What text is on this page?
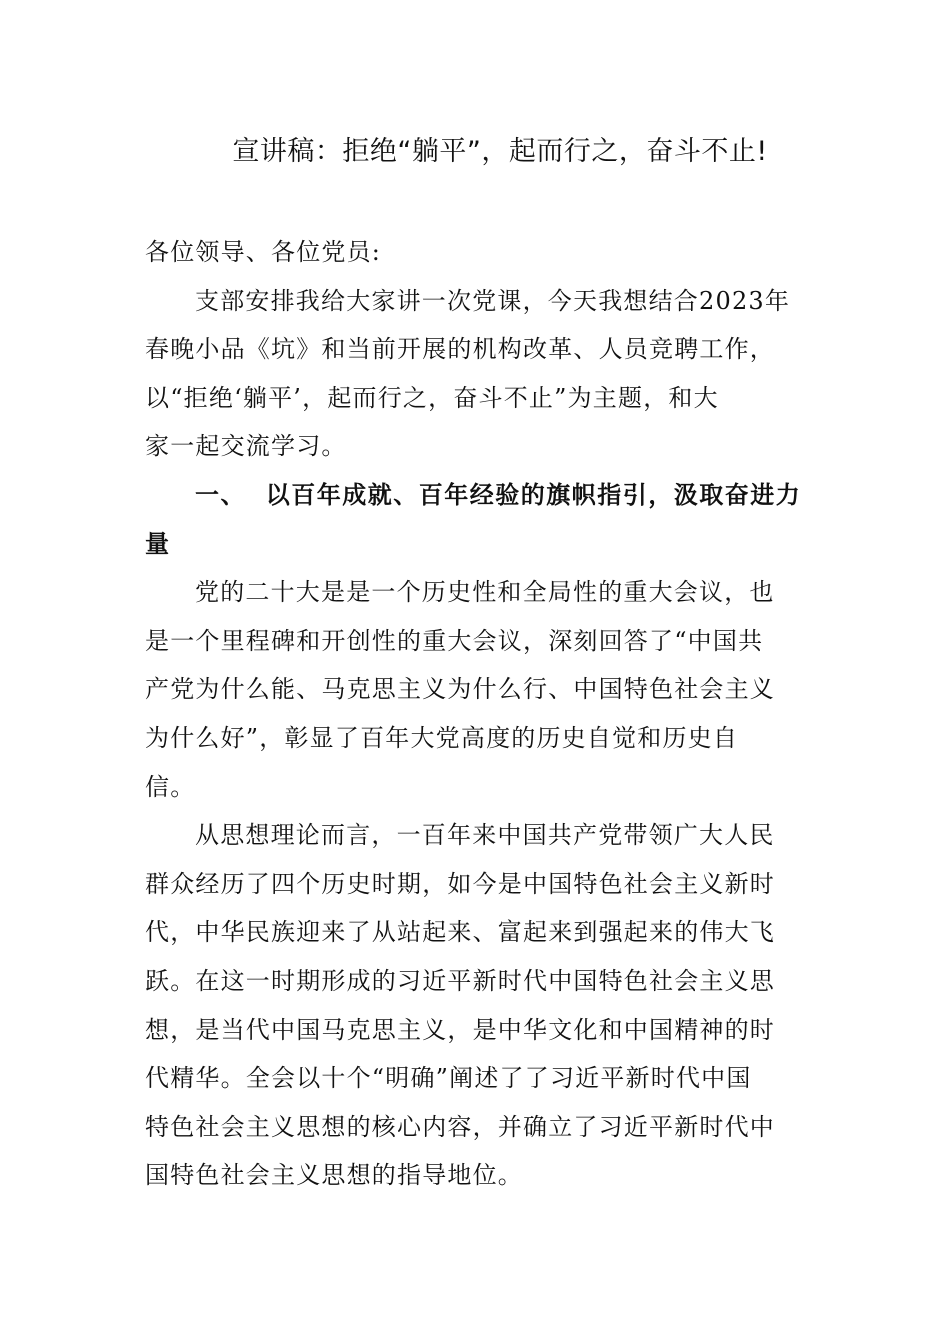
宣讲稿：拒绝“躺平”，起而行之，奋斗不止!

各位领导、各位党员:

支部安排我给大家讲一次党课，今天我想结合2023年
春晚小品《坑》和当前开展的机构改革、人员竞聘工作，
以“拒绝‘躺平’，起而行之，奋斗不止”为主题，和大
家一起交流学习。

一、  以百年成就、百年经验的旗帜指引，汲取奋进力
量

党的二十大是是一个历史性和全局性的重大会议，也
是一个里程碑和开创性的重大会议，深刻回答了“中国共
产党为什么能、马克思主义为什么行、中国特色社会主义
为什么好”，彰显了百年大党高度的历史自觉和历史自
信。

从思想理论而言，一百年来中国共产党带领广大人民
群众经历了四个历史时期，如今是中国特色社会主义新时
代，中华民族迎来了从站起来、富起来到强起来的伟大飞
跃。在这一时期形成的习近平新时代中国特色社会主义思
想，是当代中国马克思主义，是中华文化和中国精神的时
代精华。全会以十个“明确”阐述了了习近平新时代中国
特色社会主义思想的核心内容，并确立了习近平新时代中
国特色社会主义思想的指导地位。
